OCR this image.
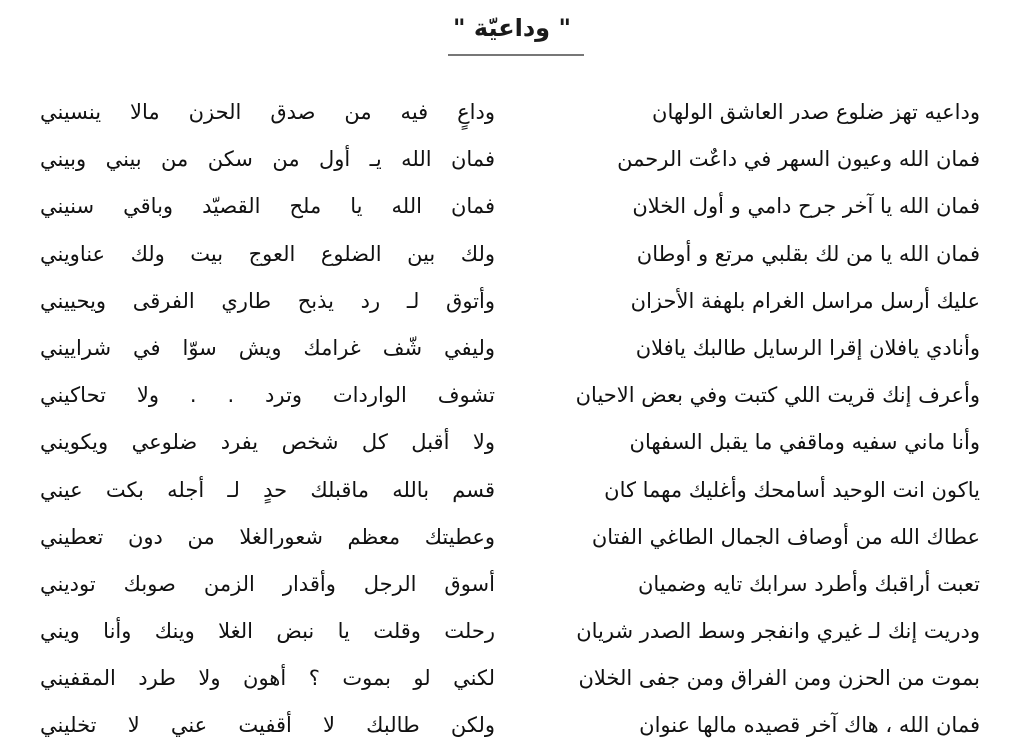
" وداعيّة "
وداعيه تهز ضلوع صدر العاشق الولهان
وداعٍ فيه من صدق الحزن مالا ينسيني
فمان الله وعيون السهر في داعٌت الرحمن
فمان الله يـ أول من سكن من بيني وبيني
فمان الله يا آخر جرح دامي و أول الخلان
فمان الله يا ملح القصيّد وباقي سنيني
فمان الله يا من لك بقلبي مرتع و أوطان
ولك بين الضلوع العوج بيت ولك عناويني
عليك أرسل مراسل الغرام بلهفة الأحزان
وأتوق لـ رد يذبح طاري الفرقى ويحييني
وأنادي يافلان إقرا الرسايل طالبك يافلان
وليفي شّف غرامك ويش سوّا في شراييني
وأعرف إنك قريت اللي كتبت وفي بعض الاحيان
تشوف الواردات وترد . . ولا تحاكيني
وأنا ماني سفيه وماقفي ما يقبل السفهان
ولا أقبل كل شخص يفرد ضلوعي ويكويني
ياكون انت الوحيد أسامحك وأغليك مهما كان
قسم بالله ماقبلك حدٍ لـ أجله بكت عيني
عطاك الله من أوصاف الجمال الطاغي الفتان
وعطيتك معظم شعورالغلا من دون تعطيني
تعبت أراقبك وأطرد سرابك تايه وضميان
أسوق الرجل وأقدار الزمن صوبك توديني
ودريت إنك لـ غيري وانفجر وسط الصدر شريان
رحلت وقلت يا نبض الغلا وينك وأنا ويني
بموت من الحزن ومن الفراق ومن جفى الخلان
لكني لو بموت ؟ أهون ولا طرد المقفيني
فمان الله ، هاك آخر قصيده مالها عنوان
ولكن طالبك لا أقفيت عني لا تخليني
